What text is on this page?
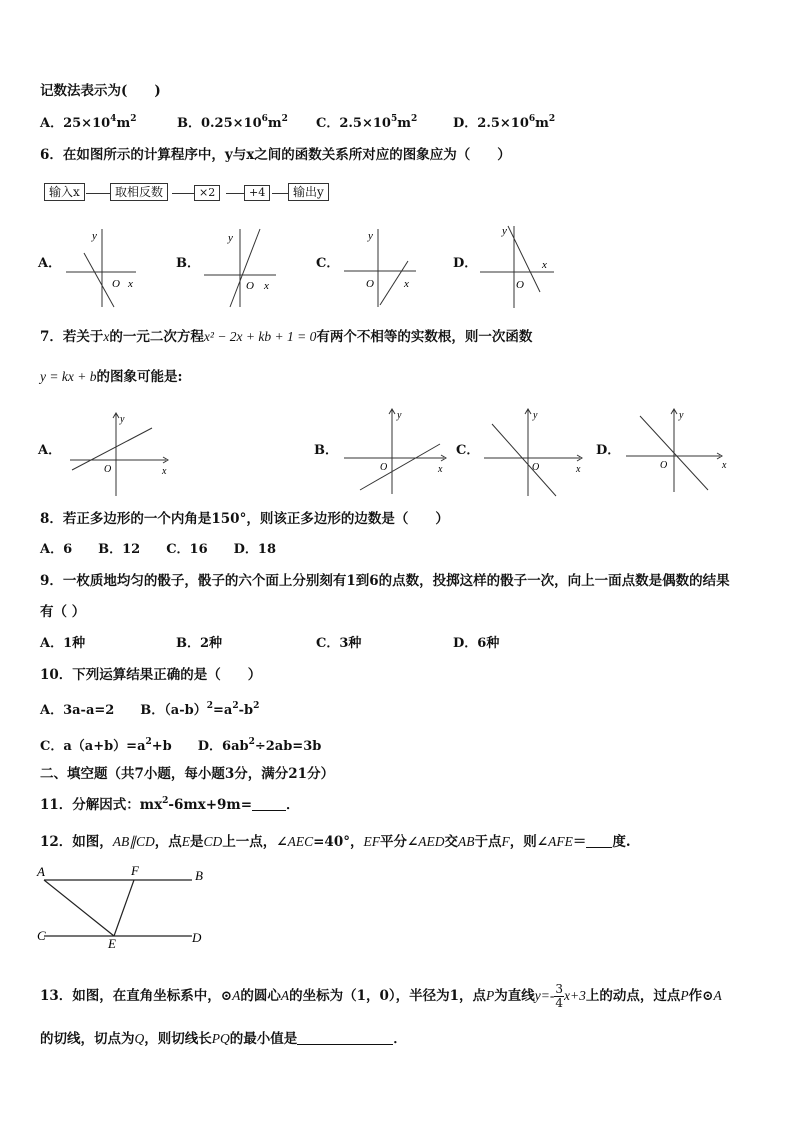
记数法表示为(　　)
A．$25\times 10^4m^2$	B．$0.25\times 10^6m^2$ C．$2.5\times 10^5m^2$	D．$2.5\times 10^6m^2$
6．在如图所示的计算程序中，y与x之间的函数关系所对应的图象应为（　　）
输入x	取相反数	×2	+4	输出y
A．
y
O x
B．
y
O x
C．
y
O	x
D．
y
O
x
7．若关于x的一元二次方程x² − 2x + kb + 1 = 0有两个不相等的实数根，则一次函数
y = kx + b的图象可能是:
A．
y
O	x
B．
y
O	x
C．
y
O	x
D．
y
O	x
8．若正多边形的一个内角是150°，则该正多边形的边数是（　　）
A．6　　B．12　　C．16　　D．18
9．一枚质地均匀的骰子，骰子的六个面上分别刻有1到6的点数，投掷这样的骰子一次，向上一面点数是偶数的结果
有（ ）
A．1种	B．2种	C．3种	D．6种
10．下列运算结果正确的是（　　）
A．3a-a=2　　B．$(a-b)^2=a^2-b^2$
C．$a(a+b)=a^2+b$　　D．$6ab^2\div 2ab=3b$
二、填空题（共7小题，每小题3分，满分21分）
11．分解因式：$mx^2-6mx+9m=$	．
12．如图，AB∥CD，点E是CD上一点，∠AEC=40°，EF平分∠AED交AB于点F，则∠AFE＝ 度.
A	F	B
C
E	D
13．如图，在直角坐标系中，⊙A的圆心A的坐标为（1，0），半径为1，点P为直线$y=- \frac{3}{4} x+3$上的动点，过点P作⊙A
的切线，切点为Q，则切线长PQ的最小值是	．
